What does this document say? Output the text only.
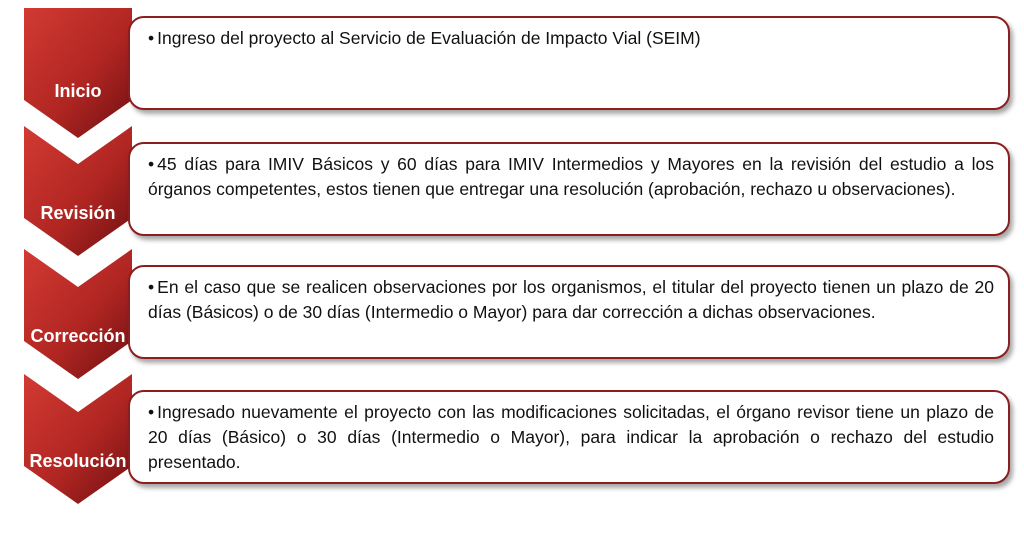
Inicio
• Ingreso del proyecto al Servicio de Evaluación de Impacto Vial (SEIM)
Revisión
• 45 días para IMIV Básicos y 60 días para IMIV Intermedios y Mayores en la revisión del estudio a los órganos competentes, estos tienen que entregar una resolución (aprobación, rechazo u observaciones).
Corrección
• En el caso que se realicen observaciones por los organismos, el titular del proyecto tienen un plazo de 20 días (Básicos) o de 30 días (Intermedio o Mayor) para dar corrección a dichas observaciones.
Resolución
• Ingresado nuevamente el proyecto con las modificaciones solicitadas, el órgano revisor tiene un plazo de 20 días (Básico) o 30 días (Intermedio o Mayor), para indicar la aprobación o rechazo del estudio presentado.
